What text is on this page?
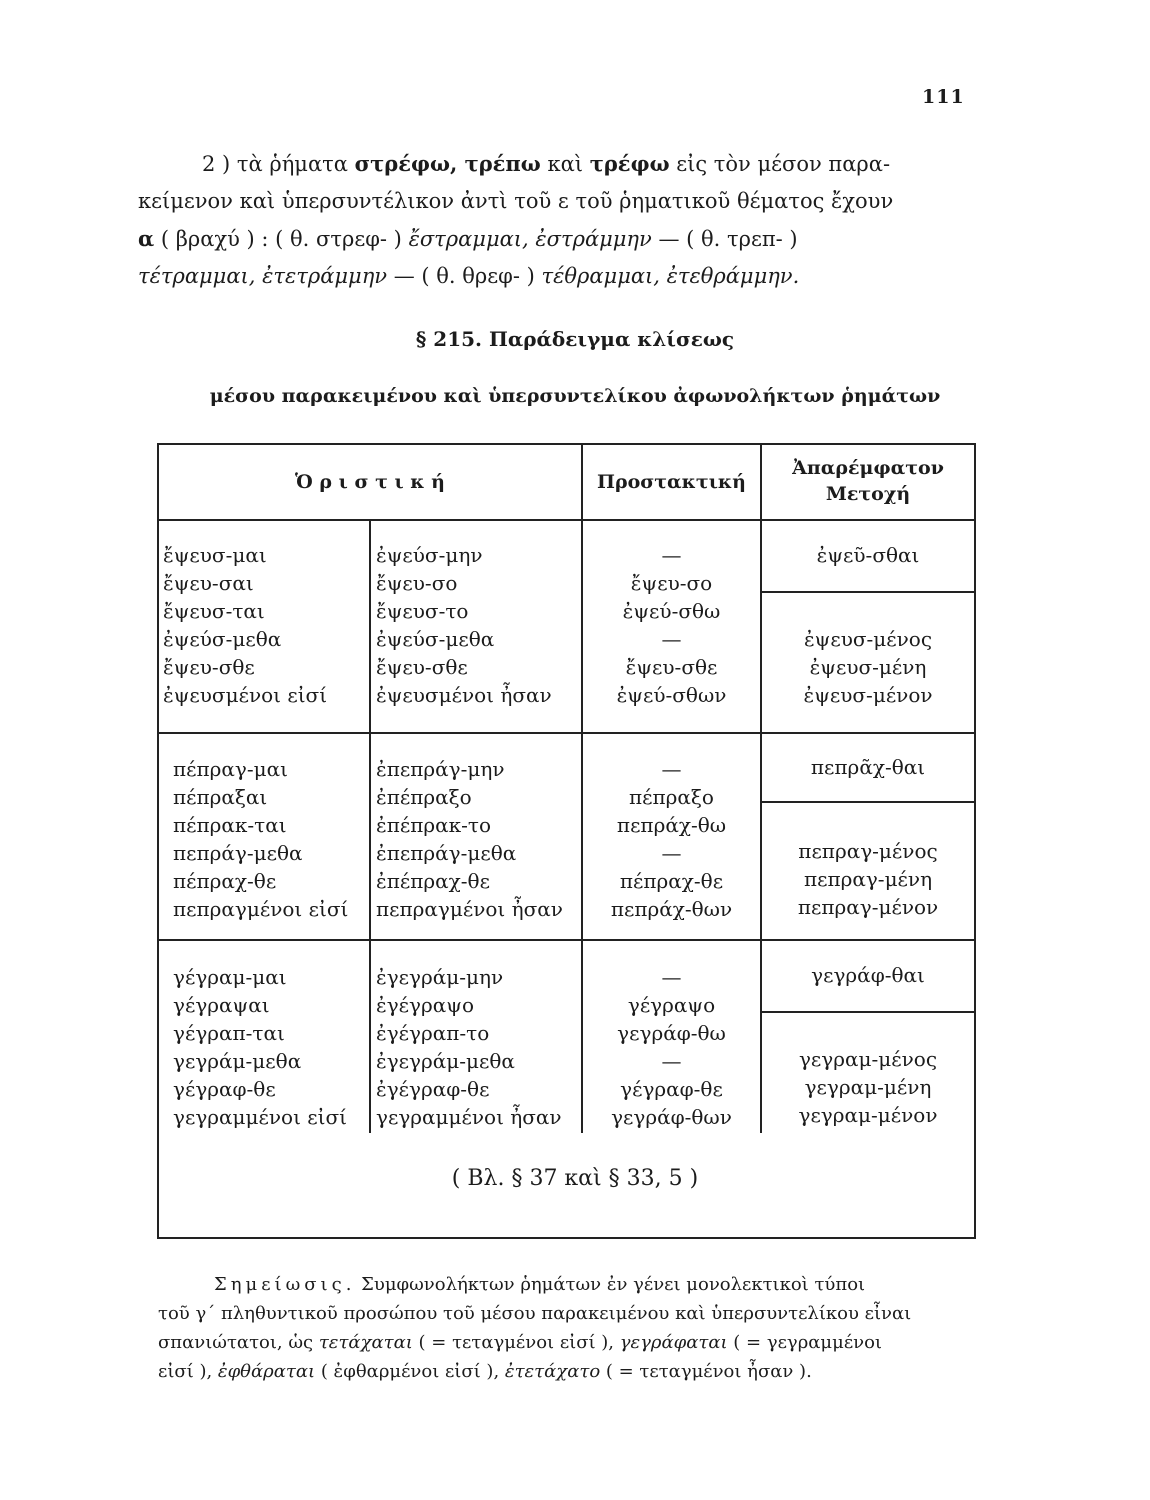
111

2 ) τὰ ῥήματα στρέφω, τρέπω καὶ τρέφω εἰς τὸν μέσον παρα-
κείμενον καὶ ὑπερσυντέλικον ἀντὶ τοῦ ε τοῦ ῥηματικοῦ θέματος ἔχουν
α ( βραχύ ) : ( θ. στρεφ- ) ἔστραμμαι, ἐστράμμην — ( θ. τρεπ- )
τέτραμμαι, ἐτετράμμην — ( θ. θρεφ- ) τέθραμμαι, ἐτεθράμμην.

§ 215. Παράδειγμα κλίσεως
μέσου παρακειμένου καὶ ὑπερσυντελίκου ἀφωνολήκτων ῥημάτων
Ὁ ρ ι σ τ ι κ ή	Προστακτική
Ἀπαρέμφατον
Μετοχή
ἔψευσ-μαι
ἔψευ-σαι
ἔψευσ-ται
ἐψεύσ-μεθα
ἔψευ-σθε
ἐψευσμένοι εἰσί
ἐψεύσ-μην
ἔψευ-σο
ἔψευσ-το
ἐψεύσ-μεθα
ἔψευ-σθε
ἐψευσμένοι ἦσαν
—
ἔψευ-σο
ἐψεύ-σθω
—
ἔψευ-σθε
ἐψεύ-σθων
ἐψεῦ-σθαι
ἐψευσ-μένος
ἐψευσ-μένη
ἐψευσ-μένον
πέπραγ-μαι
πέπραξαι
πέπρακ-ται
πεπράγ-μεθα
πέπραχ-θε
πεπραγμένοι εἰσί
ἐπεπράγ-μην
ἐπέπραξο
ἐπέπρακ-το
ἐπεπράγ-μεθα
ἐπέπραχ-θε
πεπραγμένοι ἦσαν
—
πέπραξο
πεπράχ-θω
—
πέπραχ-θε
πεπράχ-θων
πεπρᾶχ-θαι
πεπραγ-μένος
πεπραγ-μένη
πεπραγ-μένον
γέγραμ-μαι
γέγραψαι
γέγραπ-ται
γεγράμ-μεθα
γέγραφ-θε
γεγραμμένοι εἰσί
ἐγεγράμ-μην
ἐγέγραψο
ἐγέγραπ-το
ἐγεγράμ-μεθα
ἐγέγραφ-θε
γεγραμμένοι ἦσαν
—
γέγραψο
γεγράφ-θω
—
γέγραφ-θε
γεγράφ-θων
γεγράφ-θαι
γεγραμ-μένος
γεγραμ-μένη
γεγραμ-μένον
( Βλ. § 37 καὶ § 33, 5 )

Σημείωσις. Συμφωνολήκτων ῥημάτων ἐν γένει μονολεκτικοὶ τύποι
τοῦ γ΄ πληθυντικοῦ προσώπου τοῦ μέσου παρακειμένου καὶ ὑπερσυντελίκου εἶναι
σπανιώτατοι, ὡς τετάχαται ( = τεταγμένοι εἰσί ), γεγράφαται ( = γεγραμμένοι
εἰσί ), ἐφθάραται ( ἐφθαρμένοι εἰσί ), ἐτετάχατο ( = τεταγμένοι ἦσαν ).
